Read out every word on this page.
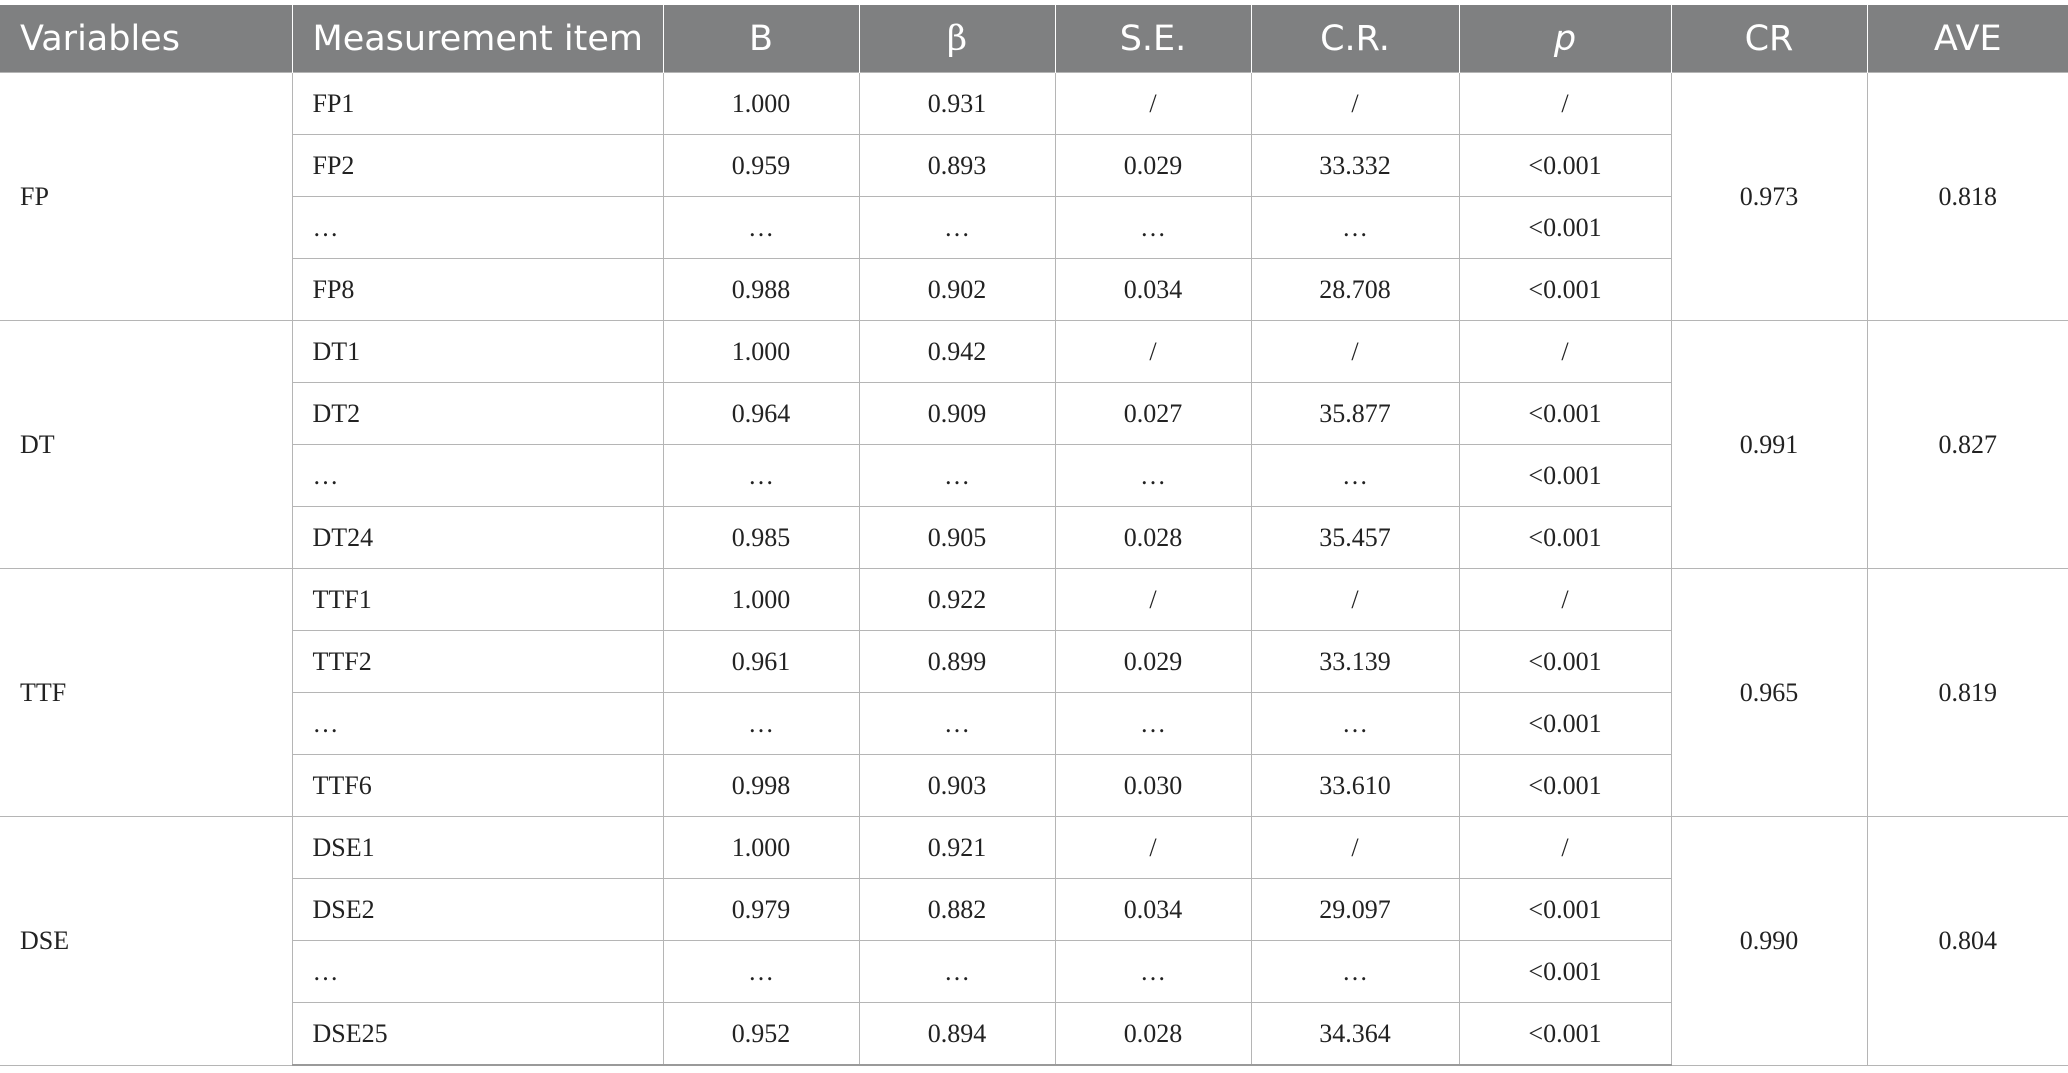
Variables	Measurement item	B	β	S.E.	C.R.	p	CR	AVE
FP	FP1	1.000	0.931	/	/	/	0.973	0.818
	FP2	0.959	0.893	0.029	33.332	<0.001		
	…	…	…	…	…	<0.001		
	FP8	0.988	0.902	0.034	28.708	<0.001		
DT	DT1	1.000	0.942	/	/	/	0.991	0.827
	DT2	0.964	0.909	0.027	35.877	<0.001		
	…	…	…	…	…	<0.001		
	DT24	0.985	0.905	0.028	35.457	<0.001		
TTF	TTF1	1.000	0.922	/	/	/	0.965	0.819
	TTF2	0.961	0.899	0.029	33.139	<0.001		
	…	…	…	…	…	<0.001		
	TTF6	0.998	0.903	0.030	33.610	<0.001		
DSE	DSE1	1.000	0.921	/	/	/	0.990	0.804
	DSE2	0.979	0.882	0.034	29.097	<0.001		
	…	…	…	…	…	<0.001		
	DSE25	0.952	0.894	0.028	34.364	<0.001		
